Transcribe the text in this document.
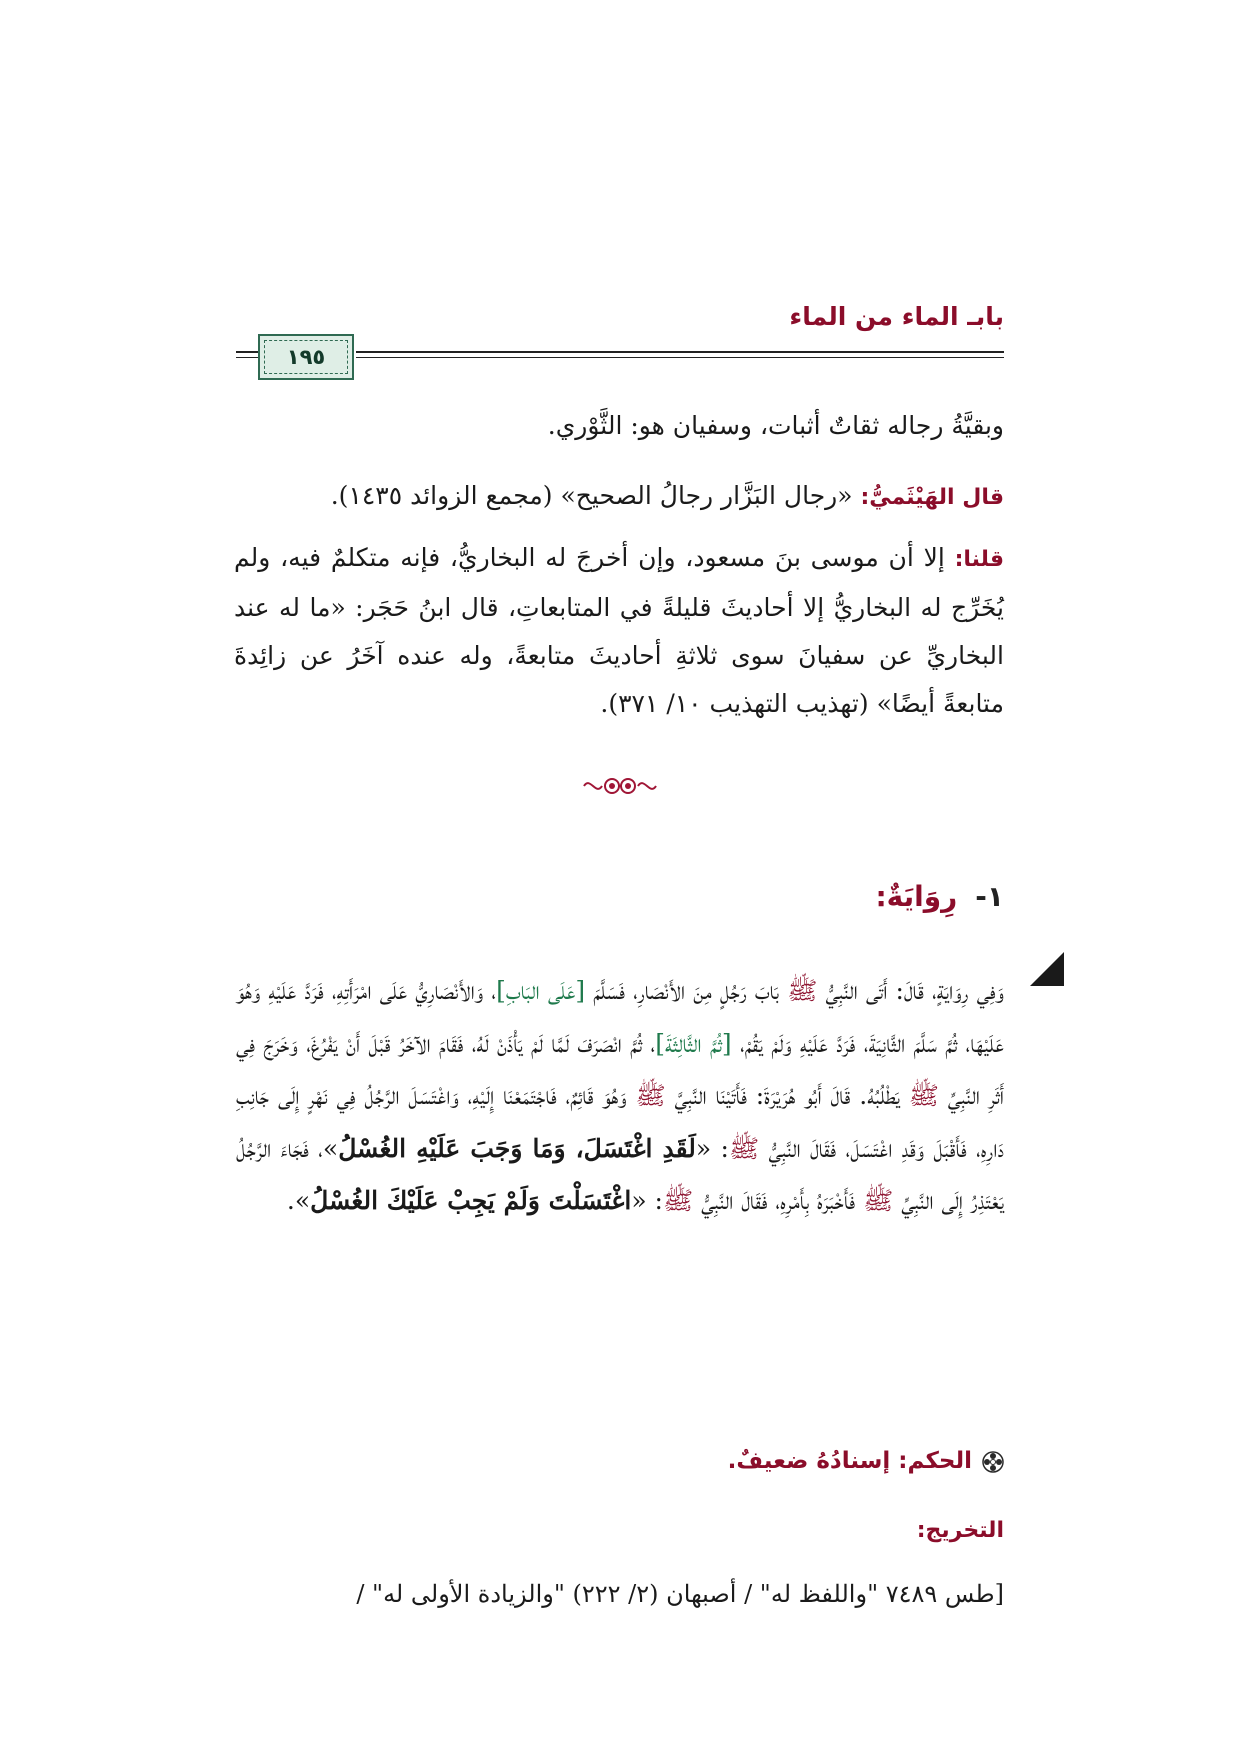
بابـ الماء من الماء
١٩٥
وبقيَّةُ رجاله ثقاتٌ أثبات، وسفيان هو: الثَّوْري.
قال الهَيْثَميُّ: «رجال البَزَّار رجالُ الصحيح» (مجمع الزوائد ١٤٣٥).
قلنا: إلا أن موسى بنَ مسعود، وإن أخرجَ له البخاريُّ، فإنه متكلمٌ فيه، ولم يُخَرِّج له البخاريُّ إلا أحاديثَ قليلةً في المتابعاتِ، قال ابنُ حَجَر: «ما له عند البخاريِّ عن سفيانَ سوى ثلاثةِ أحاديثَ متابعةً، وله عنده آخَرُ عن زائِدةَ متابعةً أيضًا» (تهذيب التهذيب ١٠/ ٣٧١).
١-رِوَايَةٌ:
وَفِي رِوَايَةٍ، قَالَ: أَتَى النَّبِيُّ ﷺ بَابَ رَجُلٍ مِنَ الأَنْصَارِ، فَسَلَّمَ [عَلَى البَابِ]، وَالأَنْصَارِيُّ عَلَى امْرَأَتِهِ، فَرَدَّ عَلَيْهِ وَهُوَ عَلَيْهَا، ثُمَّ سَلَّمَ الثَّانِيَةَ، فَرَدَّ عَلَيْهِ وَلَمْ يَقُمْ، [ثُمَّ الثَّالِثَةَ]، ثُمَّ انْصَرَفَ لَمَّا لَمْ يَأْذَنْ لَهُ، فَقَامَ الآخَرُ قَبْلَ أَنْ يَفْرُغَ، وَخَرَجَ فِي أَثَرِ النَّبِيِّ ﷺ يَطْلُبُهُ. قَالَ أَبُو هُرَيْرَةَ: فَأَتَيْنَا النَّبِيَّ ﷺ وَهُوَ قَائِمٌ، فَاجْتَمَعْنَا إِلَيْهِ، وَاغْتَسَلَ الرَّجُلُ فِي نَهْرٍ إِلَى جَانِبِ دَارِهِ، فَأَقْبَلَ وَقَدِ اغْتَسَلَ، فَقَالَ النَّبِيُّ ﷺ: «لَقَدِ اغْتَسَلَ، وَمَا وَجَبَ عَلَيْهِ الغُسْلُ»، فَجَاءَ الرَّجُلُ يَعْتَذِرُ إِلَى النَّبِيِّ ﷺ فَأَخْبَرَهُ بِأَمْرِهِ، فَقَالَ النَّبِيُّ ﷺ: «اغْتَسَلْتَ وَلَمْ يَجِبْ عَلَيْكَ الغُسْلُ».
الحكم: إسنادُهُ ضعيفٌ.
التخريج:
[طس ٧٤٨٩ "واللفظ له" / أصبهان (٢/ ٢٢٢) "والزيادة الأولى له" /
